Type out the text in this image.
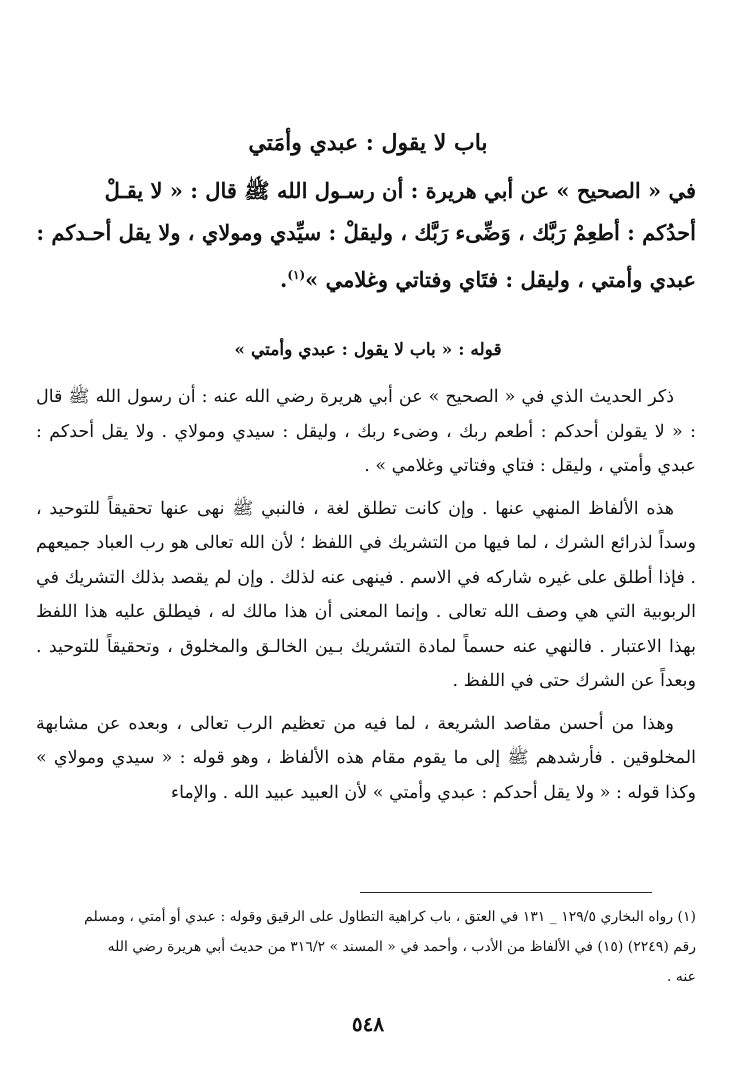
باب لا يقول : عبدي وأمَتي

في « الصحيح » عن أبي هريرة : أن رسـول الله ﷺ قال : « لا يقـلْ

أحدُكم : أطعِمْ رَبَّك ، وَضِّىء رَبَّك ، وليقلْ : سيِّدي ومولاي ، ولا يقل أحـدكم :

عبدي وأمتي ، وليقل : فتَاي وفتاتي وغلامي »$^{(١)}$.

قوله : « باب لا يقول : عبدي وأمتي »

ذكر الحديث الذي في « الصحيح » عن أبي هريرة رضي الله عنه : أن رسول الله ﷺ قال : « لا يقولن أحدكم : أطعم ربك ، وضىء ربك ، وليقل : سيدي ومولاي . ولا يقل أحدكم : عبدي وأمتي ، وليقل : فتاي وفتاتي وغلامي » .

هذه الألفاظ المنهي عنها . وإن كانت تطلق لغة ، فالنبي ﷺ نهى عنها تحقيقاً للتوحيد ، وسداً لذرائع الشرك ، لما فيها من التشريك في اللفظ ؛ لأن الله تعالى هو رب العباد جميعهم . فإذا أطلق على غيره شاركه في الاسم . فينهى عنه لذلك . وإن لم يقصد بذلك التشريك في الربوبية التي هي وصف الله تعالى . وإنما المعنى أن هذا مالك له ، فيطلق عليه هذا اللفظ بهذا الاعتبار . فالنهي عنه حسماً لمادة التشريك بـين الخالـق والمخلوق ، وتحقيقاً للتوحيد . وبعداً عن الشرك حتى في اللفظ .

وهذا من أحسن مقاصد الشريعة ، لما فيه من تعظيم الرب تعالى ، وبعده عن مشابهة المخلوقين . فأرشدهم ﷺ إلى ما يقوم مقام هذه الألفاظ ، وهو قوله : « سيدي ومولاي » وكذا قوله : « ولا يقل أحدكم : عبدي وأمتي » لأن العبيد عبيد الله . والإماء

(١) رواه البخاري ١٢٩/٥ _ ١٣١ في العتق ، باب كراهية التطاول على الرقيق وقوله : عبدي أو أمتي ، ومسلم

رقم (٢٢٤٩) (١٥) في الألفاظ من الأدب ، وأحمد في « المسند » ٣١٦/٢ من حديث أبي هريرة رضي الله

عنه .

٥٤٨
